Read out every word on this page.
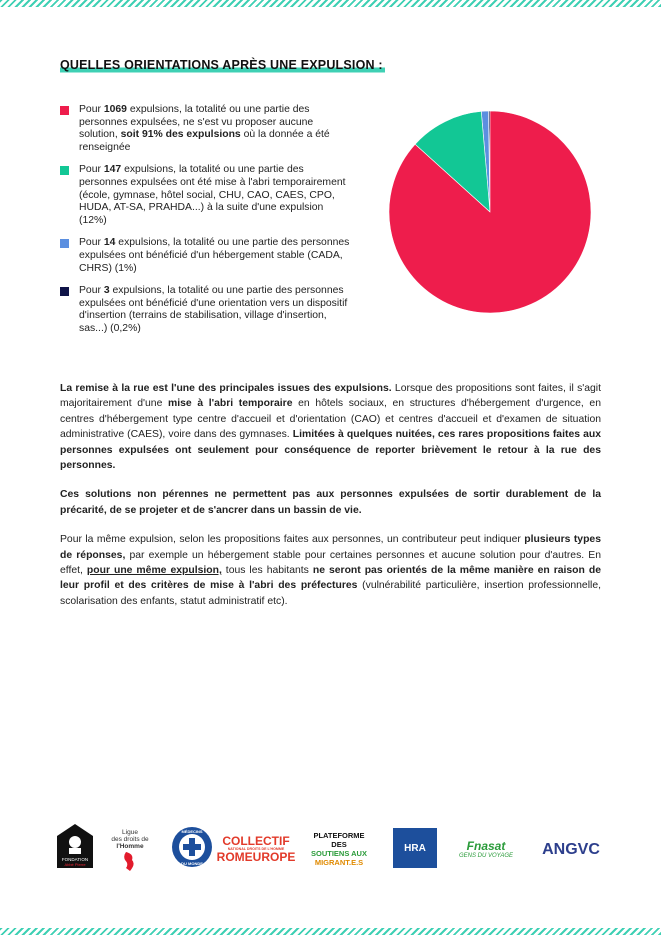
QUELLES ORIENTATIONS APRÈS UNE EXPULSION :
Pour 1069 expulsions, la totalité ou une partie des personnes expulsées, ne s'est vu proposer aucune solution, soit 91% des expulsions où la donnée a été renseignée
Pour 147 expulsions, la totalité ou une partie des personnes expulsées ont été mise à l'abri temporairement (école, gymnase, hôtel social, CHU, CAO, CAES, CPO, HUDA, AT-SA, PRAHDA...) à la suite d'une expulsion (12%)
Pour 14 expulsions, la totalité ou une partie des personnes expulsées ont bénéficié d'un hébergement stable (CADA, CHRS) (1%)
Pour 3 expulsions, la totalité ou une partie des personnes expulsées ont bénéficié d'une orientation vers un dispositif d'insertion (terrains de stabilisation, village d'insertion, sas...) (0,2%)

La remise à la rue est l'une des principales issues des expulsions. Lorsque des propositions sont faites, il s'agit majoritairement d'une mise à l'abri temporaire en hôtels sociaux, en structures d'hébergement d'urgence, en centres d'hébergement type centre d'accueil et d'orientation (CAO) et centres d'accueil et d'examen de situation administrative (CAES), voire dans des gymnases. Limitées à quelques nuitées, ces rares propositions faites aux personnes expulsées ont seulement pour conséquence de reporter brièvement le retour à la rue des personnes.

Ces solutions non pérennes ne permettent pas aux personnes expulsées de sortir durablement de la précarité, de se projeter et de s'ancrer dans un bassin de vie.

Pour la même expulsion, selon les propositions faites aux personnes, un contributeur peut indiquer plusieurs types de réponses, par exemple un hébergement stable pour certaines personnes et aucune solution pour d'autres. En effet, pour une même expulsion, tous les habitants ne seront pas orientés de la même manière en raison de leur profil et des critères de mise à l'abri des préfectures (vulnérabilité particulière, insertion professionnelle, scolarisation des enfants, statut administratif etc).

FONDATION
Abbé Pierre
Ligue
des droits de
l'Homme
MÉDECINS
DU MONDE
COLLECTIF
NATIONAL DROITS DE L'HOMME
ROMEUROPE
PLATEFORME DES
SOUTIENS AUX
MIGRANT.E.S
HRA	Fnasat
GENS DU VOYAGE ANGVC
